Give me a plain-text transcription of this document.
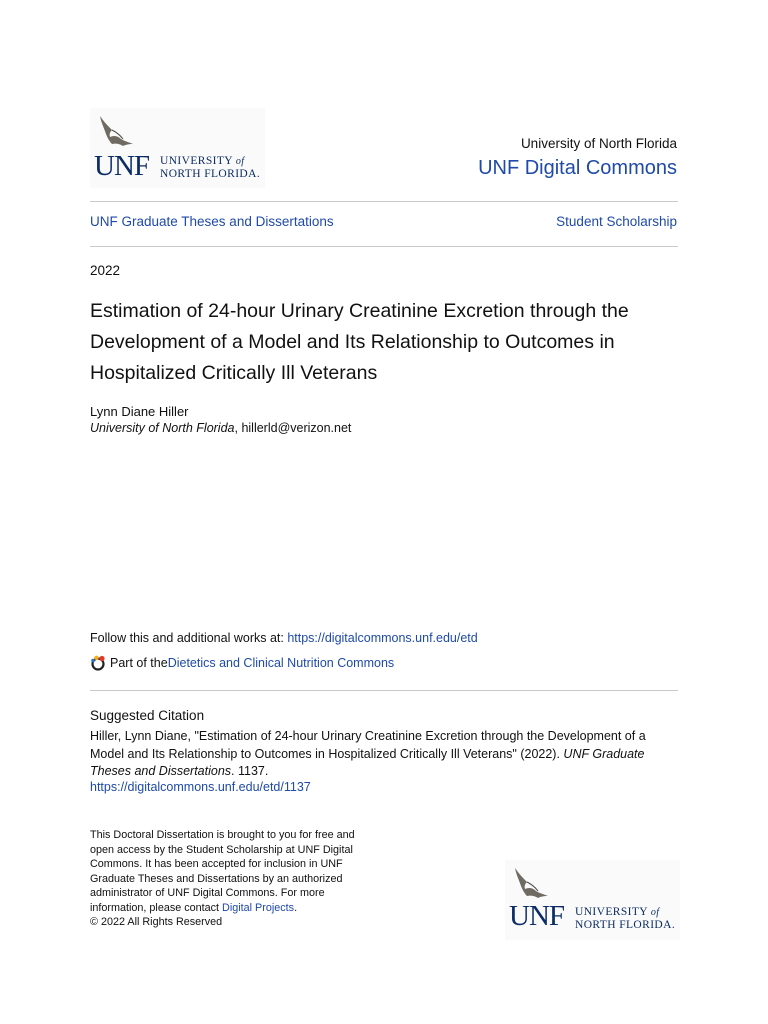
UNF UNIVERSITY of
NORTH FLORIDA.
University of North Florida
UNF Digital Commons
UNF Graduate Theses and Dissertations	Student Scholarship
2022
Estimation of 24-hour Urinary Creatinine Excretion through the Development of a Model and Its Relationship to Outcomes in Hospitalized Critically Ill Veterans
Lynn Diane Hiller
University of North Florida, hillerld@verizon.net
Follow this and additional works at: https://digitalcommons.unf.edu/etd
Part of the Dietetics and Clinical Nutrition Commons
Suggested Citation
Hiller, Lynn Diane, "Estimation of 24-hour Urinary Creatinine Excretion through the Development of a Model and Its Relationship to Outcomes in Hospitalized Critically Ill Veterans" (2022). UNF Graduate Theses and Dissertations. 1137.
https://digitalcommons.unf.edu/etd/1137
This Doctoral Dissertation is brought to you for free and open access by the Student Scholarship at UNF Digital Commons. It has been accepted for inclusion in UNF Graduate Theses and Dissertations by an authorized administrator of UNF Digital Commons. For more information, please contact Digital Projects.
© 2022 All Rights Reserved	UNF UNIVERSITY of
NORTH FLORIDA.
